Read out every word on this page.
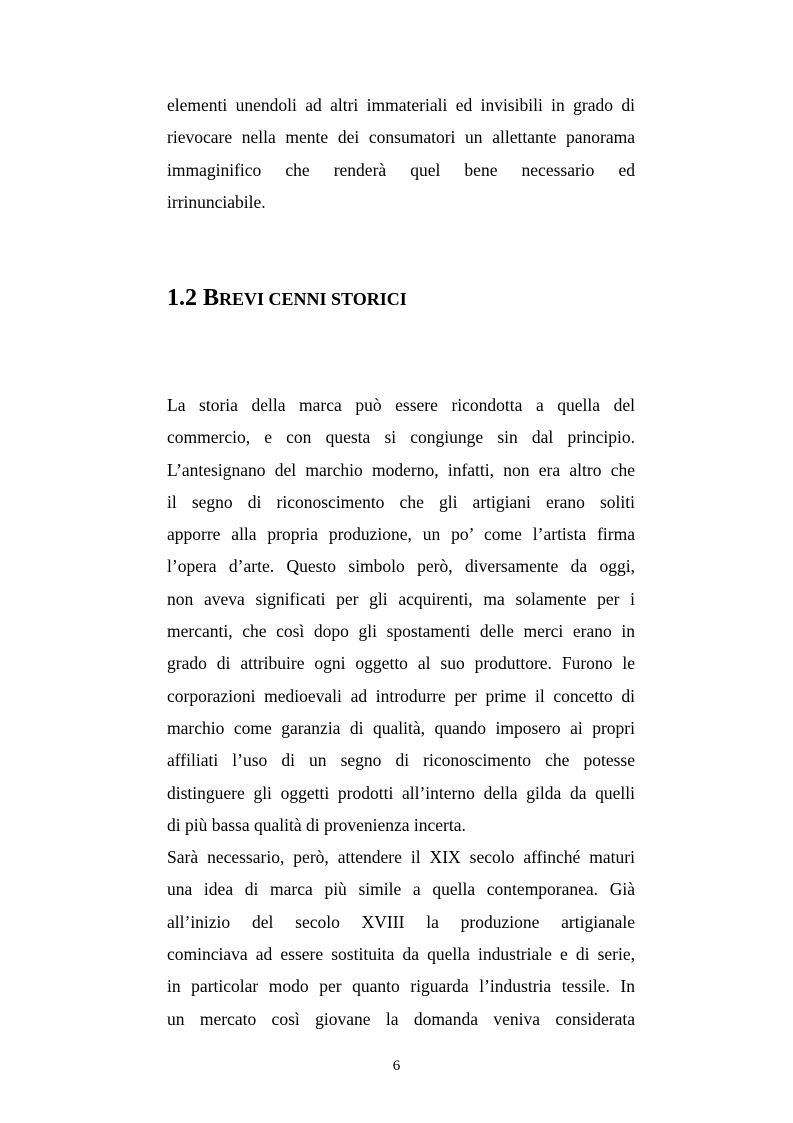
elementi unendoli ad altri immateriali ed invisibili in grado di
rievocare nella mente dei consumatori un allettante panorama
immaginifico che renderà quel bene necessario ed
irrinunciabile.
1.2 BREVI CENNI STORICI
La storia della marca può essere ricondotta a quella del
commercio, e con questa si congiunge sin dal principio.
L’antesignano del marchio moderno, infatti, non era altro che
il segno di riconoscimento che gli artigiani erano soliti
apporre alla propria produzione, un po’ come l’artista firma
l’opera d’arte. Questo simbolo però, diversamente da oggi,
non aveva significati per gli acquirenti, ma solamente per i
mercanti, che così dopo gli spostamenti delle merci erano in
grado di attribuire ogni oggetto al suo produttore. Furono le
corporazioni medioevali ad introdurre per prime il concetto di
marchio come garanzia di qualità, quando imposero ai propri
affiliati l’uso di un segno di riconoscimento che potesse
distinguere gli oggetti prodotti all’interno della gilda da quelli
di più bassa qualità di provenienza incerta.
Sarà necessario, però, attendere il XIX secolo affinché maturi
una idea di marca più simile a quella contemporanea. Già
all’inizio del secolo XVIII la produzione artigianale
cominciava ad essere sostituita da quella industriale e di serie,
in particolar modo per quanto riguarda l’industria tessile. In
un mercato così giovane la domanda veniva considerata
6
